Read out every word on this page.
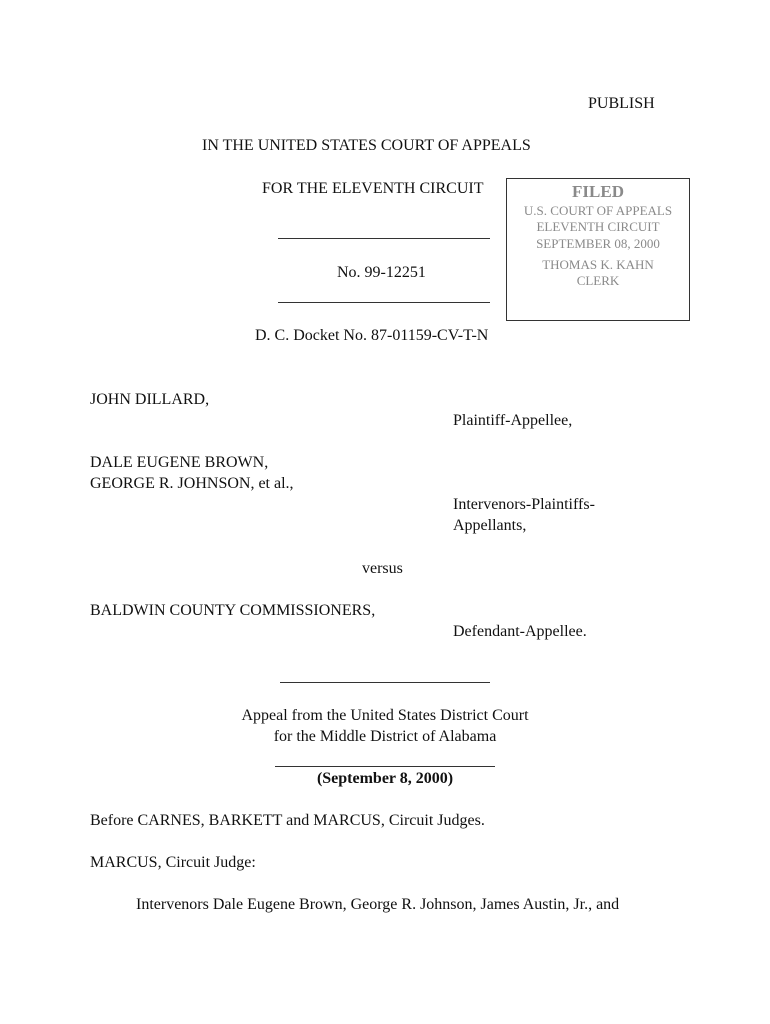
PUBLISH
IN THE UNITED STATES COURT OF APPEALS
FOR THE ELEVENTH CIRCUIT
No. 99-12251
D. C. Docket No. 87-01159-CV-T-N
FILED
U.S. COURT OF APPEALS
ELEVENTH CIRCUIT
SEPTEMBER 08, 2000
THOMAS K. KAHN
CLERK
JOHN DILLARD,
Plaintiff-Appellee,
DALE EUGENE BROWN,
GEORGE R. JOHNSON, et al.,
Intervenors-Plaintiffs-
Appellants,
versus
BALDWIN COUNTY COMMISSIONERS,
Defendant-Appellee.
Appeal from the United States District Court
for the Middle District of Alabama
(September 8, 2000)
Before CARNES, BARKETT and MARCUS, Circuit Judges.
MARCUS, Circuit Judge:
Intervenors Dale Eugene Brown, George R. Johnson, James Austin, Jr., and
